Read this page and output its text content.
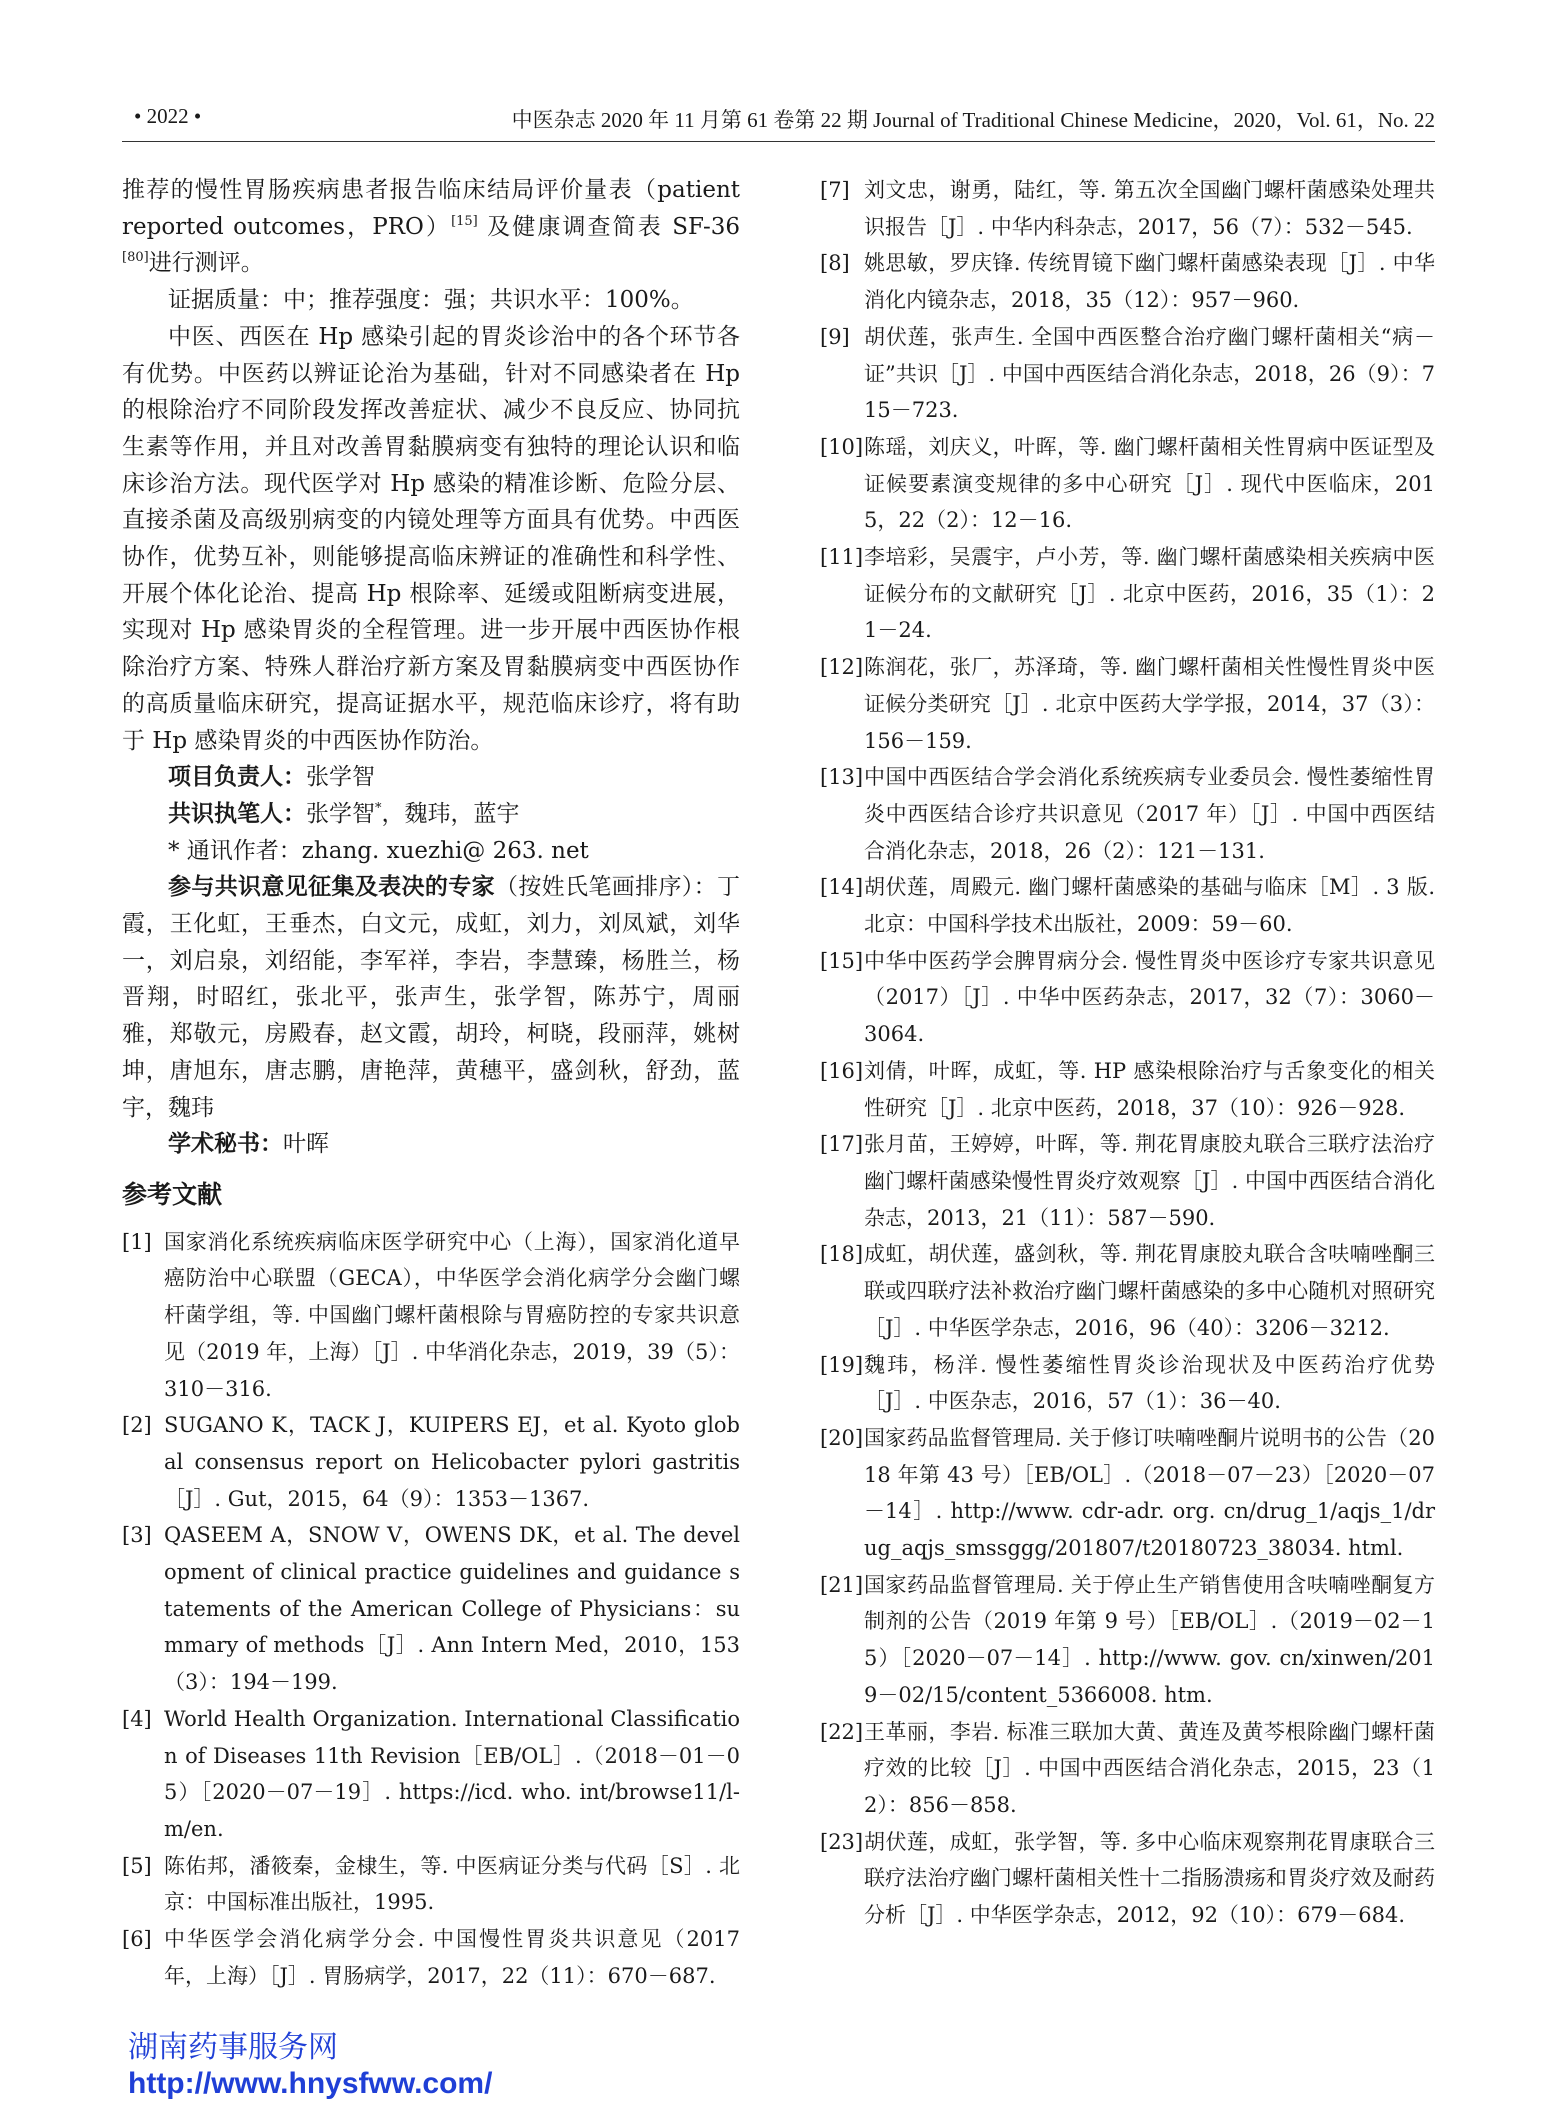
• 2022 •	中医杂志 2020 年 11 月第 61 卷第 22 期 Journal of Traditional Chinese Medicine，2020，Vol. 61，No. 22

推荐的慢性胃肠疾病患者报告临床结局评价量表（patient reported outcomes，PRO）[15] 及健康调查简表 SF-36 [80]进行测评。

证据质量：中；推荐强度：强；共识水平：100%。

中医、西医在 Hp 感染引起的胃炎诊治中的各个环节各有优势。中医药以辨证论治为基础，针对不同感染者在 Hp 的根除治疗不同阶段发挥改善症状、减少不良反应、协同抗生素等作用，并且对改善胃黏膜病变有独特的理论认识和临床诊治方法。现代医学对 Hp 感染的精准诊断、危险分层、直接杀菌及高级别病变的内镜处理等方面具有优势。中西医协作，优势互补，则能够提高临床辨证的准确性和科学性、开展个体化论治、提高 Hp 根除率、延缓或阻断病变进展，实现对 Hp 感染胃炎的全程管理。进一步开展中西医协作根除治疗方案、特殊人群治疗新方案及胃黏膜病变中西医协作的高质量临床研究，提高证据水平，规范临床诊疗，将有助于 Hp 感染胃炎的中西医协作防治。

项目负责人：张学智

共识执笔人：张学智*，魏玮，蓝宇

* 通讯作者：zhang. xuezhi@ 263. net

参与共识意见征集及表决的专家（按姓氏笔画排序）：丁霞，王化虹，王垂杰，白文元，成虹，刘力，刘凤斌，刘华一，刘启泉，刘绍能，李军祥，李岩，李慧臻，杨胜兰，杨晋翔，时昭红，张北平，张声生，张学智，陈苏宁，周丽雅，郑敬元，房殿春，赵文霞，胡玲，柯晓，段丽萍，姚树坤，唐旭东，唐志鹏，唐艳萍，黄穗平，盛剑秋，舒劲，蓝宇，魏玮

学术秘书：叶晖

参考文献
[1] 国家消化系统疾病临床医学研究中心（上海），国家消化道早癌防治中心联盟（GECA），中华医学会消化病学分会幽门螺杆菌学组，等. 中国幽门螺杆菌根除与胃癌防控的专家共识意见（2019 年，上海）［J］. 中华消化杂志，2019，39（5）：310－316.
[2] SUGANO K，TACK J，KUIPERS EJ，et al. Kyoto global consensus report on Helicobacter pylori gastritis［J］. Gut，2015，64（9）：1353－1367.
[3] QASEEM A，SNOW V，OWENS DK，et al. The development of clinical practice guidelines and guidance statements of the American College of Physicians：summary of methods［J］. Ann Intern Med，2010，153（3）：194－199.
[4] World Health Organization. International Classification of Diseases 11th Revision［EB/OL］.（2018－01－05）［2020－07－19］. https://icd. who. int/browse11/l-m/en.
[5] 陈佑邦，潘筱秦，金棣生，等. 中医病证分类与代码［S］. 北京：中国标准出版社，1995.
[6] 中华医学会消化病学分会. 中国慢性胃炎共识意见（2017 年，上海）［J］. 胃肠病学，2017，22（11）：670－687.
[7] 刘文忠，谢勇，陆红，等. 第五次全国幽门螺杆菌感染处理共识报告［J］. 中华内科杂志，2017，56（7）：532－545.
[8] 姚思敏，罗庆锋. 传统胃镜下幽门螺杆菌感染表现［J］. 中华消化内镜杂志，2018，35（12）：957－960.
[9] 胡伏莲，张声生. 全国中西医整合治疗幽门螺杆菌相关“病－证”共识［J］. 中国中西医结合消化杂志，2018，26（9）：715－723.
[10] 陈瑶，刘庆义，叶晖，等. 幽门螺杆菌相关性胃病中医证型及证候要素演变规律的多中心研究［J］. 现代中医临床，2015，22（2）：12－16.
[11] 李培彩，吴震宇，卢小芳，等. 幽门螺杆菌感染相关疾病中医证候分布的文献研究［J］. 北京中医药，2016，35（1）：21－24.
[12] 陈润花，张厂，苏泽琦，等. 幽门螺杆菌相关性慢性胃炎中医证候分类研究［J］. 北京中医药大学学报，2014，37（3）：156－159.
[13] 中国中西医结合学会消化系统疾病专业委员会. 慢性萎缩性胃炎中西医结合诊疗共识意见（2017 年）［J］. 中国中西医结合消化杂志，2018，26（2）：121－131.
[14] 胡伏莲，周殿元. 幽门螺杆菌感染的基础与临床［M］. 3 版. 北京：中国科学技术出版社，2009：59－60.
[15] 中华中医药学会脾胃病分会. 慢性胃炎中医诊疗专家共识意见（2017）［J］. 中华中医药杂志，2017，32（7）：3060－3064.
[16] 刘倩，叶晖，成虹，等. HP 感染根除治疗与舌象变化的相关性研究［J］. 北京中医药，2018，37（10）：926－928.
[17] 张月苗，王婷婷，叶晖，等. 荆花胃康胶丸联合三联疗法治疗幽门螺杆菌感染慢性胃炎疗效观察［J］. 中国中西医结合消化杂志，2013，21（11）：587－590.
[18] 成虹，胡伏莲，盛剑秋，等. 荆花胃康胶丸联合含呋喃唑酮三联或四联疗法补救治疗幽门螺杆菌感染的多中心随机对照研究［J］. 中华医学杂志，2016，96（40）：3206－3212.
[19] 魏玮，杨洋. 慢性萎缩性胃炎诊治现状及中医药治疗优势［J］. 中医杂志，2016，57（1）：36－40.
[20] 国家药品监督管理局. 关于修订呋喃唑酮片说明书的公告（2018 年第 43 号）［EB/OL］.（2018－07－23）［2020－07－14］. http://www. cdr-adr. org. cn/drug_1/aqjs_1/drug_aqjs_smssggg/201807/t20180723_38034. html.
[21] 国家药品监督管理局. 关于停止生产销售使用含呋喃唑酮复方制剂的公告（2019 年第 9 号）［EB/OL］.（2019－02－15）［2020－07－14］. http://www. gov. cn/xinwen/2019－02/15/content_5366008. htm.
[22] 王革丽，李岩. 标准三联加大黄、黄连及黄芩根除幽门螺杆菌疗效的比较［J］. 中国中西医结合消化杂志，2015，23（12）：856－858.
[23] 胡伏莲，成虹，张学智，等. 多中心临床观察荆花胃康联合三联疗法治疗幽门螺杆菌相关性十二指肠溃疡和胃炎疗效及耐药分析［J］. 中华医学杂志，2012，92（10）：679－684.
湖南药事服务网
http://www.hnysfww.com/
